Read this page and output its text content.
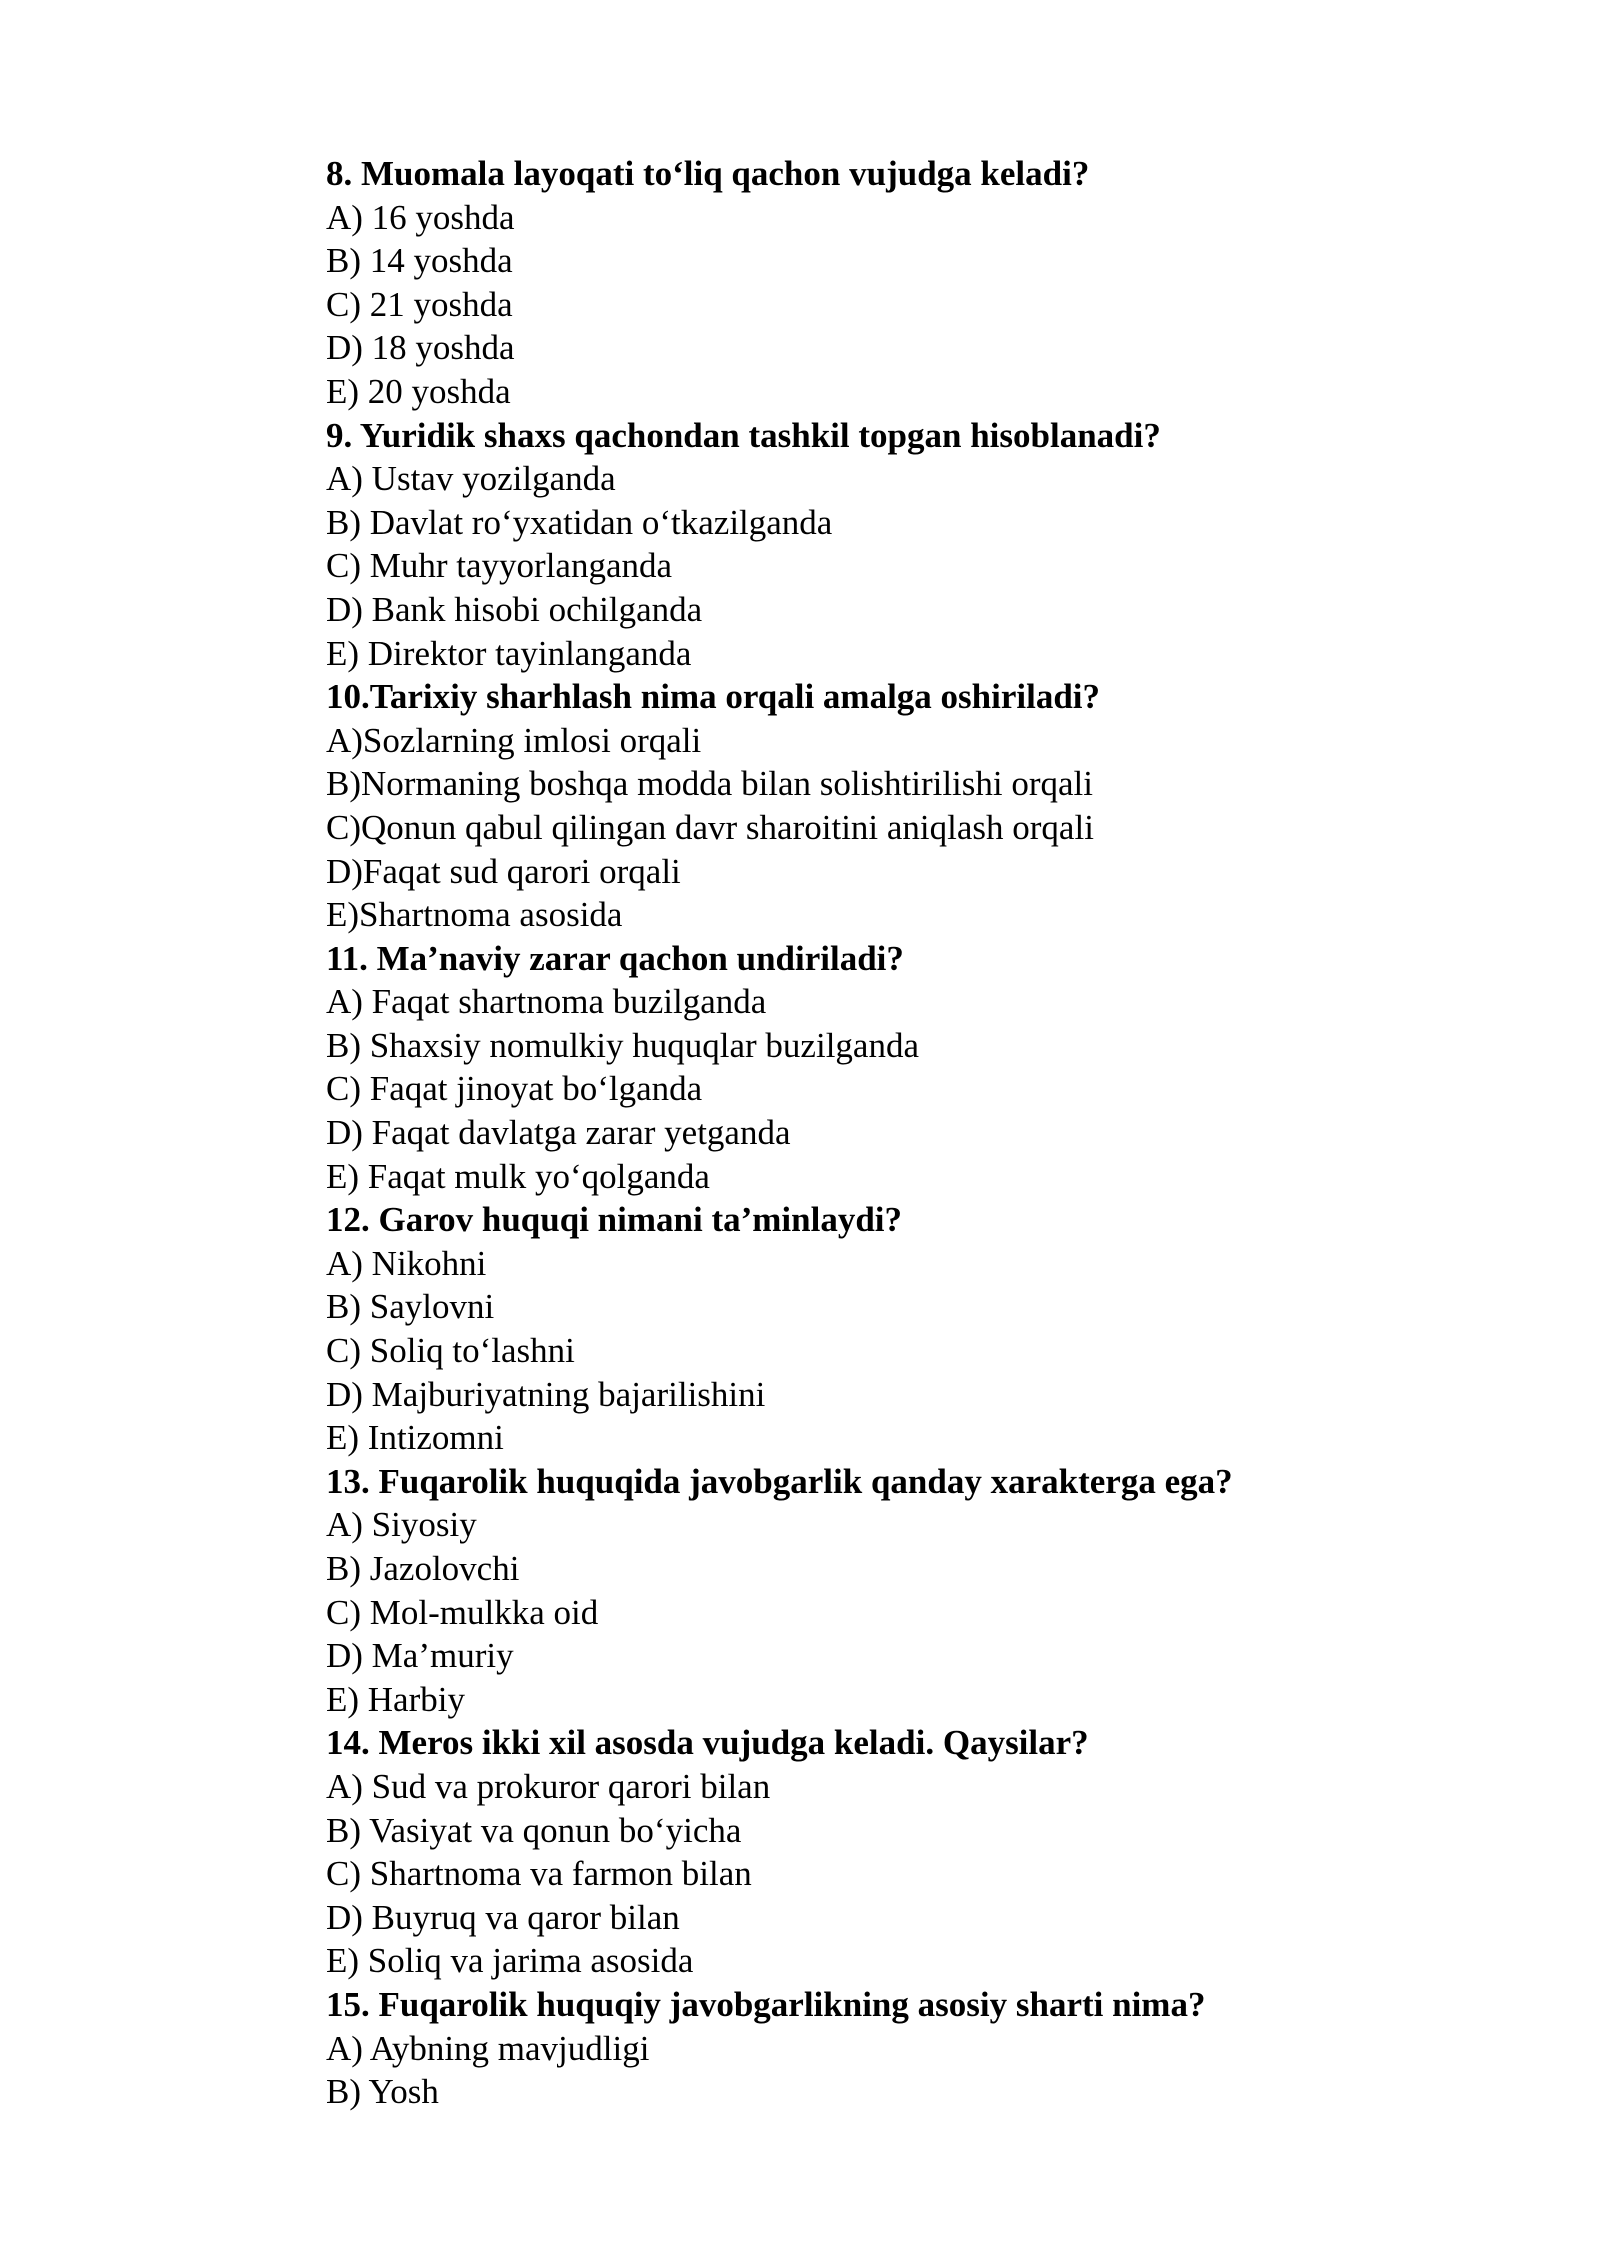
8. Muomala layoqati to‘liq qachon vujudga keladi?
A) 16 yoshda
B) 14 yoshda
C) 21 yoshda
D) 18 yoshda
E) 20 yoshda
9. Yuridik shaxs qachondan tashkil topgan hisoblanadi?
A) Ustav yozilganda
B) Davlat ro‘yxatidan o‘tkazilganda
C) Muhr tayyorlanganda
D) Bank hisobi ochilganda
E) Direktor tayinlanganda
10.Tarixiy sharhlash nima orqali amalga oshiriladi?
A)Sozlarning imlosi orqali
B)Normaning boshqa modda bilan solishtirilishi orqali
C)Qonun qabul qilingan davr sharoitini aniqlash orqali
D)Faqat sud qarori orqali
E)Shartnoma asosida
11. Ma’naviy zarar qachon undiriladi?
A) Faqat shartnoma buzilganda
B) Shaxsiy nomulkiy huquqlar buzilganda
C) Faqat jinoyat bo‘lganda
D) Faqat davlatga zarar yetganda
E) Faqat mulk yo‘qolganda
12. Garov huquqi nimani ta’minlaydi?
A) Nikohni
B) Saylovni
C) Soliq to‘lashni
D) Majburiyatning bajarilishini
E) Intizomni
13. Fuqarolik huquqida javobgarlik qanday xarakterga ega?
A) Siyosiy
B) Jazolovchi
C) Mol-mulkka oid
D) Ma’muriy
E) Harbiy
14. Meros ikki xil asosda vujudga keladi. Qaysilar?
A) Sud va prokuror qarori bilan
B) Vasiyat va qonun bo‘yicha
C) Shartnoma va farmon bilan
D) Buyruq va qaror bilan
E) Soliq va jarima asosida
15. Fuqarolik huquqiy javobgarlikning asosiy sharti nima?
A) Aybning mavjudligi
B) Yosh
